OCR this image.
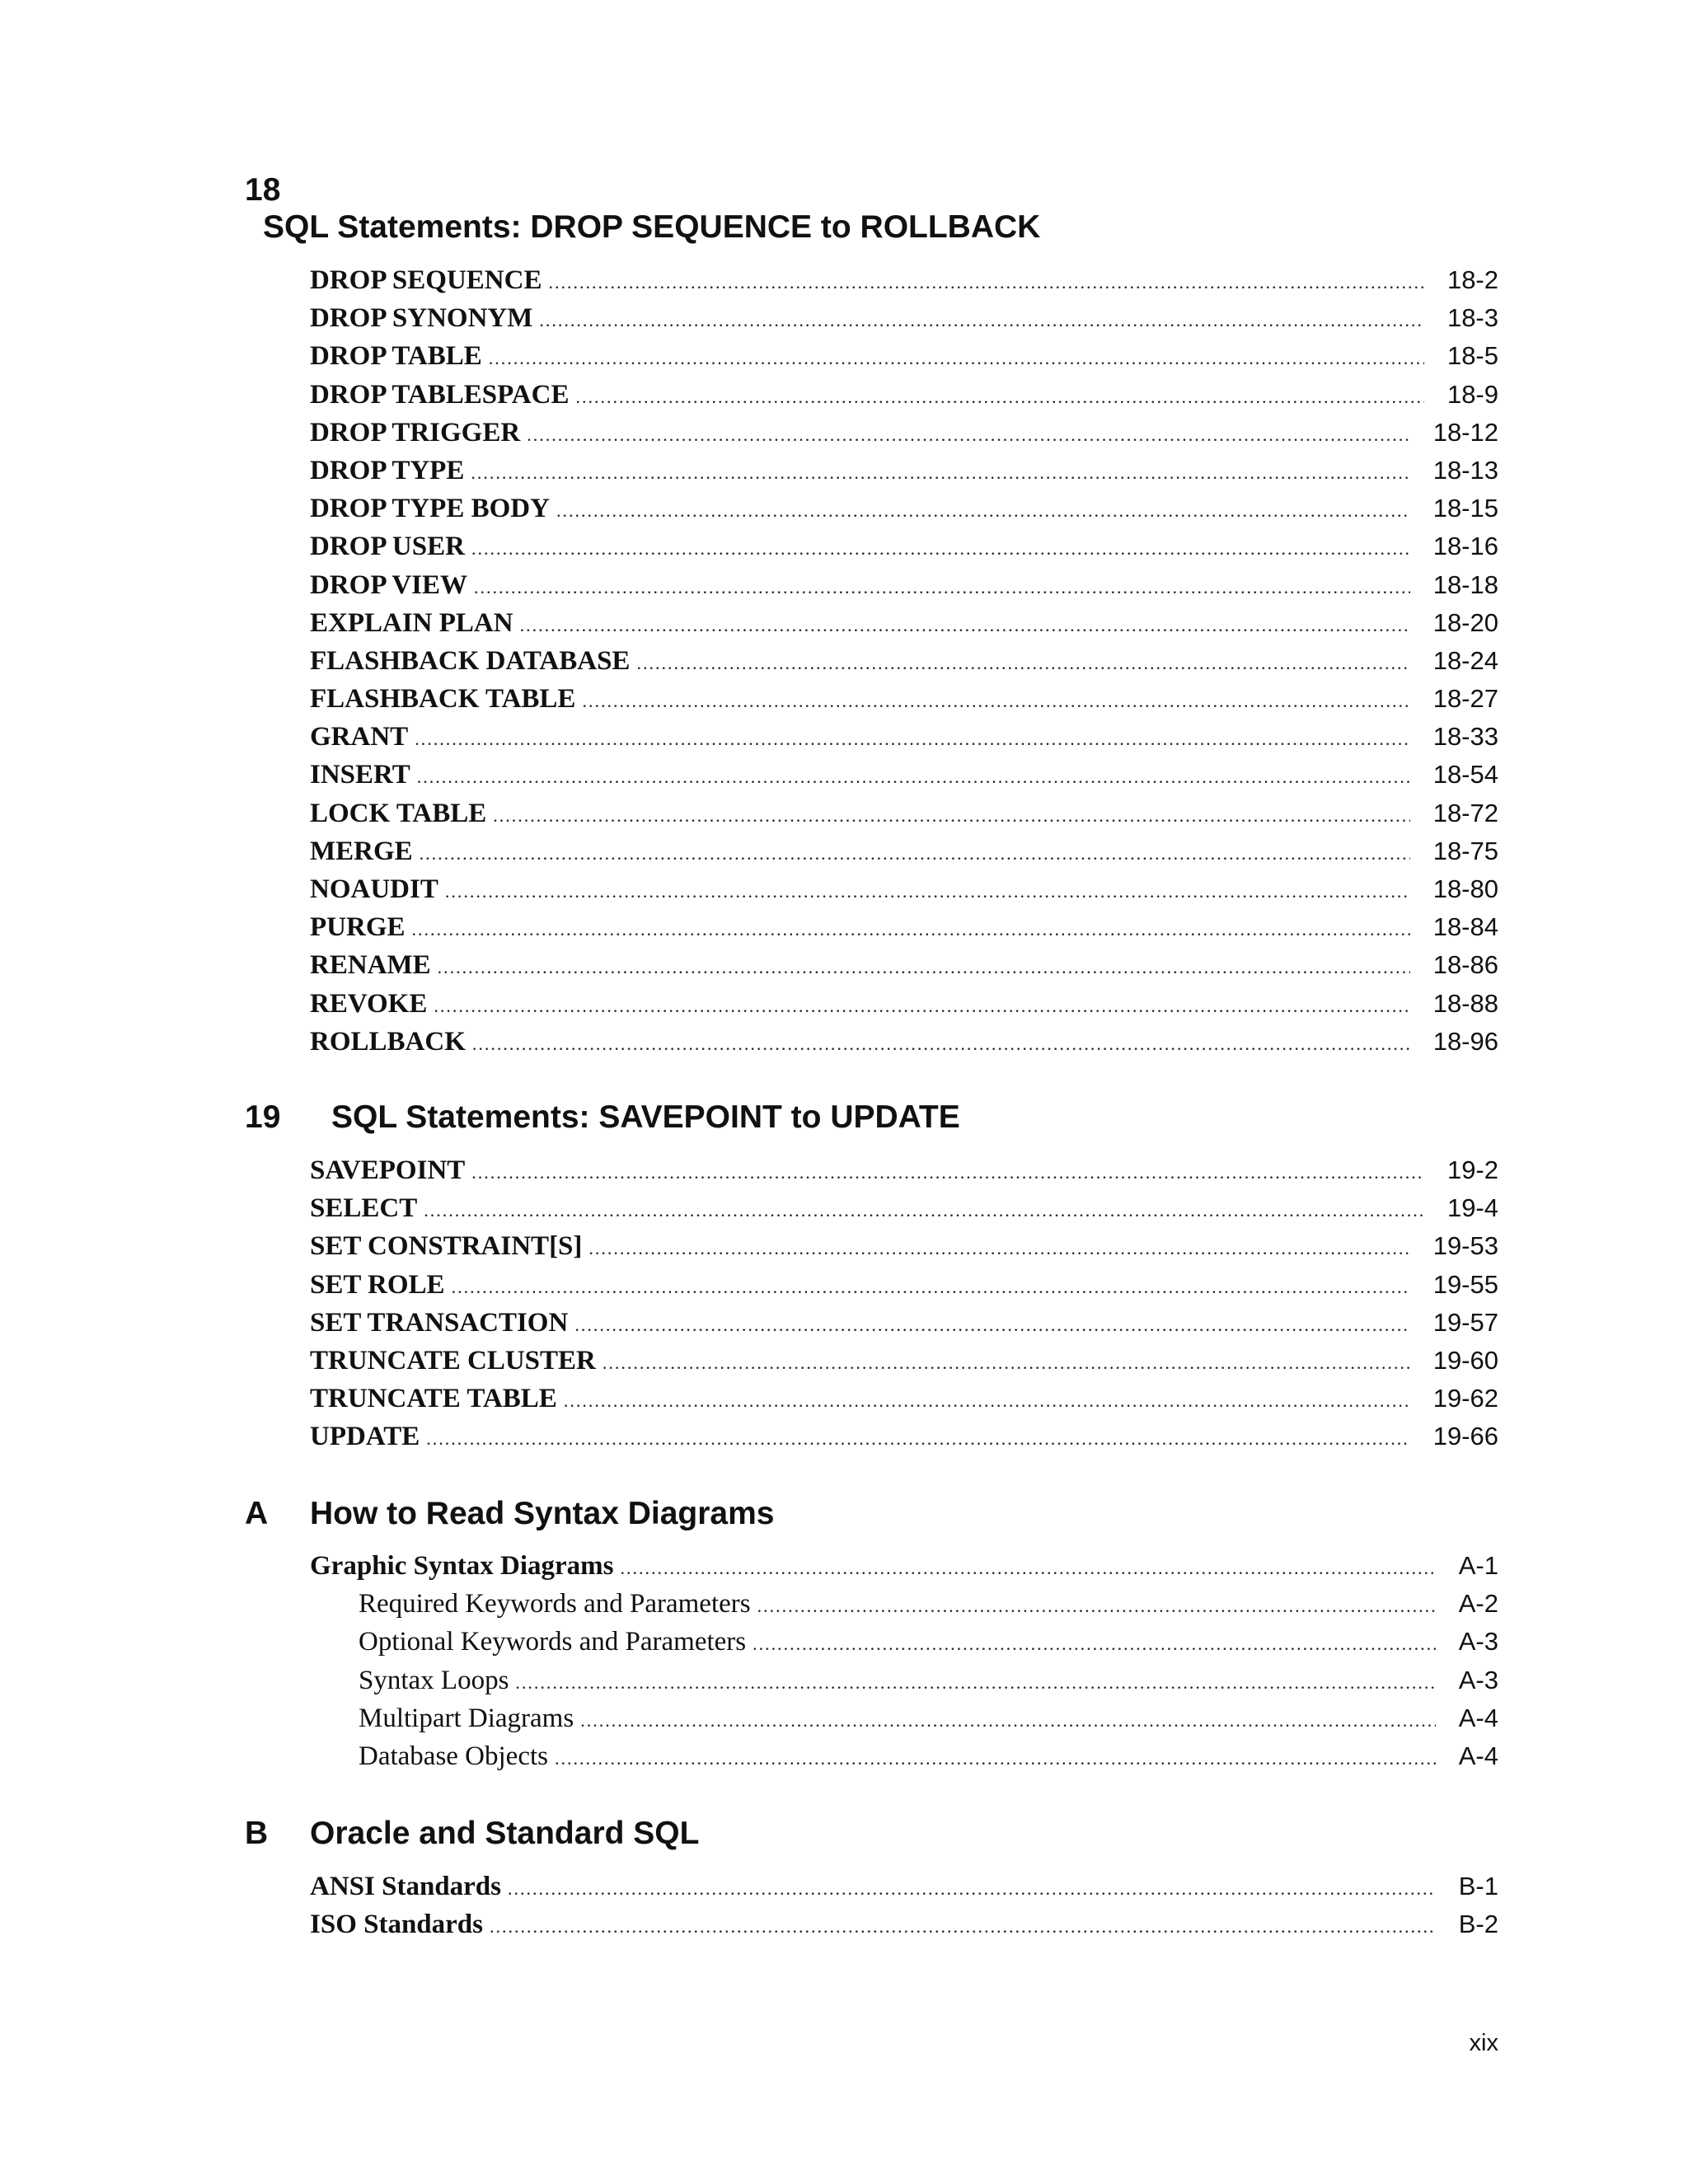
18
SQL Statements: DROP SEQUENCE to ROLLBACK
DROP SEQUENCE .....	18-2
DROP SYNONYM .....	18-3
DROP TABLE .....	18-5
DROP TABLESPACE .....	18-9
DROP TRIGGER .....	18-12
DROP TYPE .....	18-13
DROP TYPE BODY .....	18-15
DROP USER .....	18-16
DROP VIEW .....	18-18
EXPLAIN PLAN .....	18-20
FLASHBACK DATABASE .....	18-24
FLASHBACK TABLE .....	18-27
GRANT .....	18-33
INSERT .....	18-54
LOCK TABLE .....	18-72
MERGE .....	18-75
NOAUDIT .....	18-80
PURGE .....	18-84
RENAME .....	18-86
REVOKE .....	18-88
ROLLBACK .....	18-96
19 SQL Statements: SAVEPOINT to UPDATE
SAVEPOINT .....	19-2
SELECT .....	19-4
SET CONSTRAINT[S] .....	19-53
SET ROLE .....	19-55
SET TRANSACTION .....	19-57
TRUNCATE CLUSTER .....	19-60
TRUNCATE TABLE .....	19-62
UPDATE .....	19-66
A How to Read Syntax Diagrams
Graphic Syntax Diagrams .....	A-1
Required Keywords and Parameters .....	A-2
Optional Keywords and Parameters .....	A-3
Syntax Loops .....	A-3
Multipart Diagrams .....	A-4
Database Objects .....	A-4
B Oracle and Standard SQL
ANSI Standards .....	B-1
ISO Standards .....	B-2
xix
